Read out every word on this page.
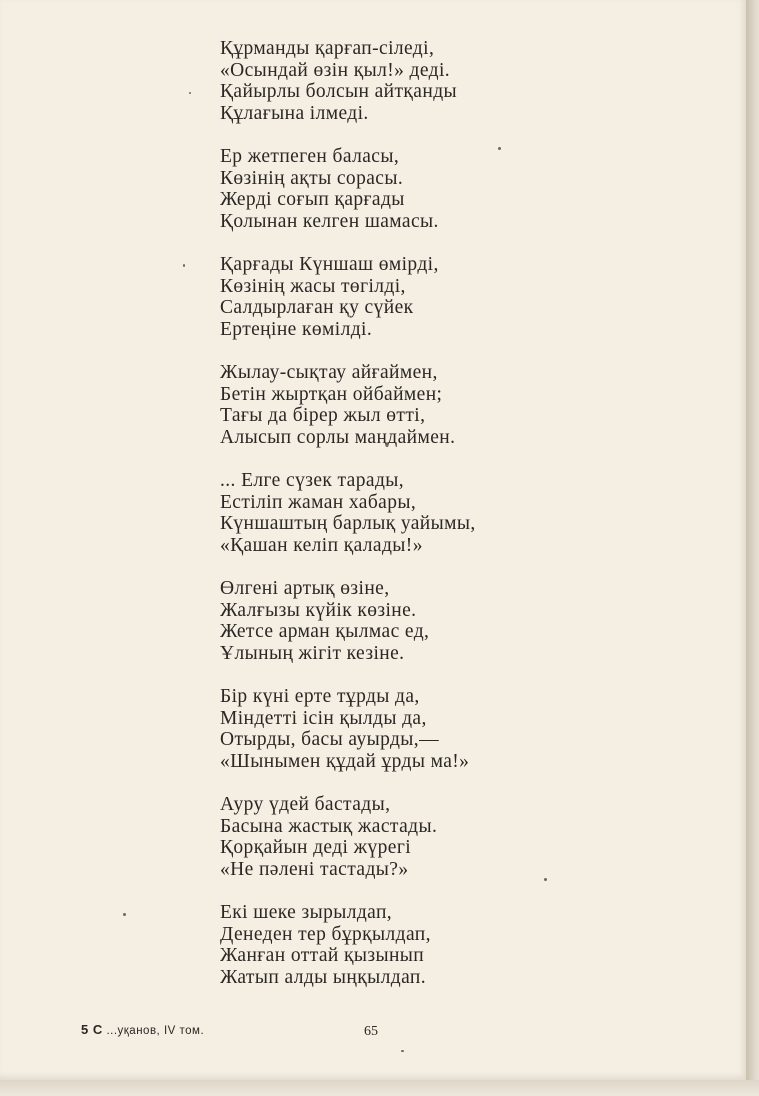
Құрманды қарғап-сіледі,
«Осындай өзін қыл!» деді.
Қайырлы болсын айтқанды
Құлағына ілмеді.
Ер жетпеген баласы,
Көзінің ақты сорасы.
Жерді соғып қарғады
Қолынан келген шамасы.
Қарғады Күншаш өмірді,
Көзінің жасы төгілді,
Салдырлаған қу сүйек
Ертеңіне көмілді.
Жылау-сықтау айғаймен,
Бетін жыртқан ойбаймен;
Тағы да бірер жыл өтті,
Алысып сорлы маңдаймен.
... Елге сүзек тарады,
Естіліп жаман хабары,
Күншаштың барлық уайымы,
«Қашан келіп қалады!»
Өлгені артық өзіне,
Жалғызы күйік көзіне.
Жетсе арман қылмас ед,
Ұлының жігіт кезіне.
Бір күні ерте тұрды да,
Міндетті ісін қылды да,
Отырды, басы ауырды,—
«Шынымен құдай ұрды ма!»
Ауру үдей бастады,
Басына жастық жастады.
Қорқайын деді жүрегі
«Не пәлені тастады?»
Екі шеке зырылдап,
Денеден тер бұрқылдап,
Жанған оттай қызынып
Жатып алды ыңқылдап.
5 С ...уқанов, IV том.	65
